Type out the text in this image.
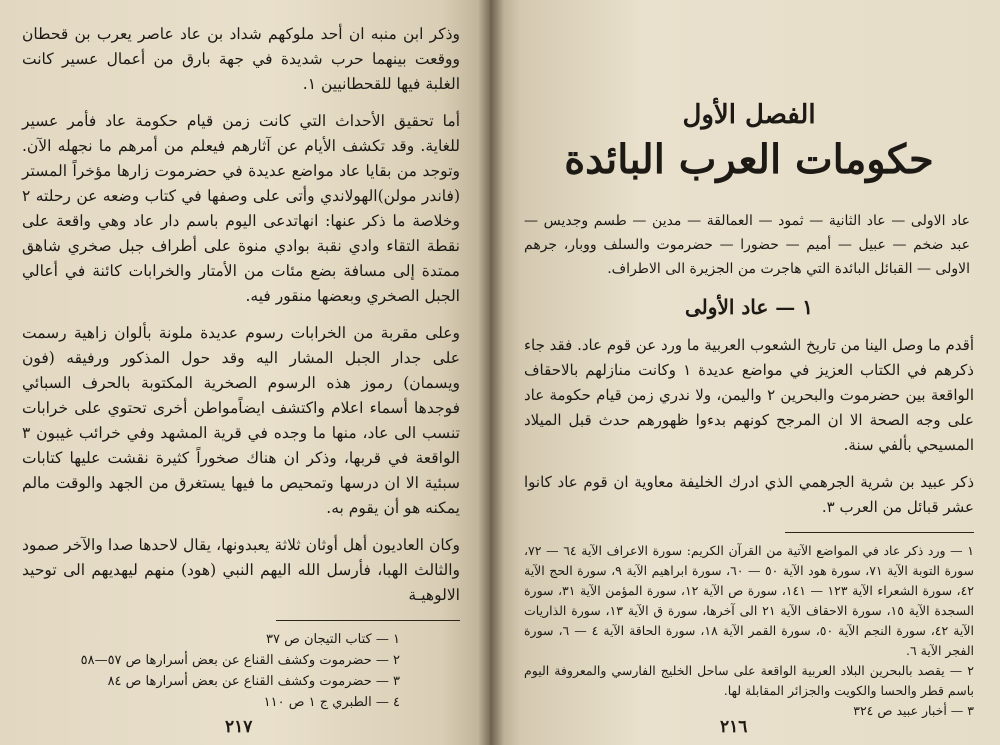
وذكر ابن منبه ان أحد ملوكهم شداد بن عاد عاصر يعرب بن قحطان ووقعت بينهما حرب شديدة في جهة بارق من أعمال عسير كانت الغلبة فيها للقحطانيين ١.

أما تحقيق الأحداث التي كانت زمن قيام حكومة عاد فأمر عسير للغاية. وقد تكشف الأيام عن آثارهم فيعلم من أمرهم ما نجهله الآن. وتوجد من بقايا عاد مواضع عديدة في حضرموت زارها مؤخراً المستر (فاندر مولن)الهولاندي وأتى على وصفها في كتاب وضعه عن رحلته ٢ وخلاصة ما ذكر عنها: انهاتدعى اليوم باسم دار عاد وهي واقعة على نقطة التقاء وادي نقبة بوادي منوة على أطراف جبل صخري شاهق ممتدة إلى مسافة بضع مئات من الأمتار والخرابات كائنة في أعالي الجبل الصخري وبعضها منقور فيه.

وعلى مقربة من الخرابات رسوم عديدة ملونة بألوان زاهية رسمت على جدار الجبل المشار اليه وقد حول المذكور ورفيقه (فون ويسمان) رموز هذه الرسوم الصخرية المكتوبة بالحرف السبائي فوجدها أسماء اعلام واكتشف ايضاًمواطن أخرى تحتوي على خرابات تنسب الى عاد، منها ما وجده في قرية المشهد وفي خرائب غيبون ٣ الواقعة في قربها، وذكر ان هناك صخوراً كثيرة نقشت عليها كتابات سبئية الا ان درسها وتمحيص ما فيها يستغرق من الجهد والوقت مالم يمكنه هو أن يقوم به.

وكان العاديون أهل أوثان ثلاثة يعبدونها، يقال لاحدها صدا والآخر صمود والثالث الهبا، فأرسل الله اليهم النبي (هود) منهم ليهديهم الى توحيد الالوهيـة

١ — كتاب التيجان ص ٣٧

٢ — حضرموت وكشف القناع عن بعض أسرارها ص ٥٧—٥٨

٣ — حضرموت وكشف القناع عن بعض أسرارها ص ٨٤

٤ — الطبري ج ١ ص ١١٠

٢١٧
الفصل الأول
حكومات العرب البائدة

عاد الاولى — عاد الثانية — ثمود — العمالقة — مدين — طسم وجديس — عبد ضخم — عبيل — أميم — حضورا — حضرموت والسلف ووبار، جرهم الاولى — القبائل البائدة التي هاجرت من الجزيرة الى الاطراف.

١ — عاد الأولى

أقدم ما وصل الينا من تاريخ الشعوب العربية ما ورد عن قوم عاد. فقد جاء ذكرهم في الكتاب العزيز في مواضع عديدة ١ وكانت منازلهم بالاحقاف الواقعة بين حضرموت والبحرين ٢ واليمن، ولا ندري زمن قيام حكومة عاد على وجه الصحة الا ان المرجح كونهم بدءوا ظهورهم حدث قبل الميلاد المسيحي بألفي سنة.

ذكر عبيد بن شرية الجرهمي الذي ادرك الخليفة معاوية ان قوم عاد كانوا عشر قبائل من العرب ٣.

١ — ورد ذكر عاد في المواضع الآتية من القرآن الكريم: سورة الاعراف الآية ٦٤ — ٧٢، سورة التوبة الآية ٧١، سورة هود الآية ٥٠ — ٦٠، سورة ابراهيم الآية ٩، سورة الحج الآية ٤٢، سورة الشعراء الآية ١٢٣ — ١٤١، سورة ص الآية ١٢، سورة المؤمن الآية ٣١، سورة السجدة الآية ١٥، سورة الاحقاف الآية ٢١ الى آخرها، سورة ق الآية ١٣، سورة الذاريات الآية ٤٢، سورة النجم الآية ٥٠، سورة القمر الآية ١٨، سورة الحاقة الآية ٤ — ٦، سورة الفجر الآية ٦.

٢ — يقصد بالبحرين البلاد العربية الواقعة على ساحل الخليج الفارسي والمعروفة اليوم باسم قطر والحسا والكويت والجزائر المقابلة لها.

٣ — أخبار عبيد ص ٣٢٤

٢١٦
